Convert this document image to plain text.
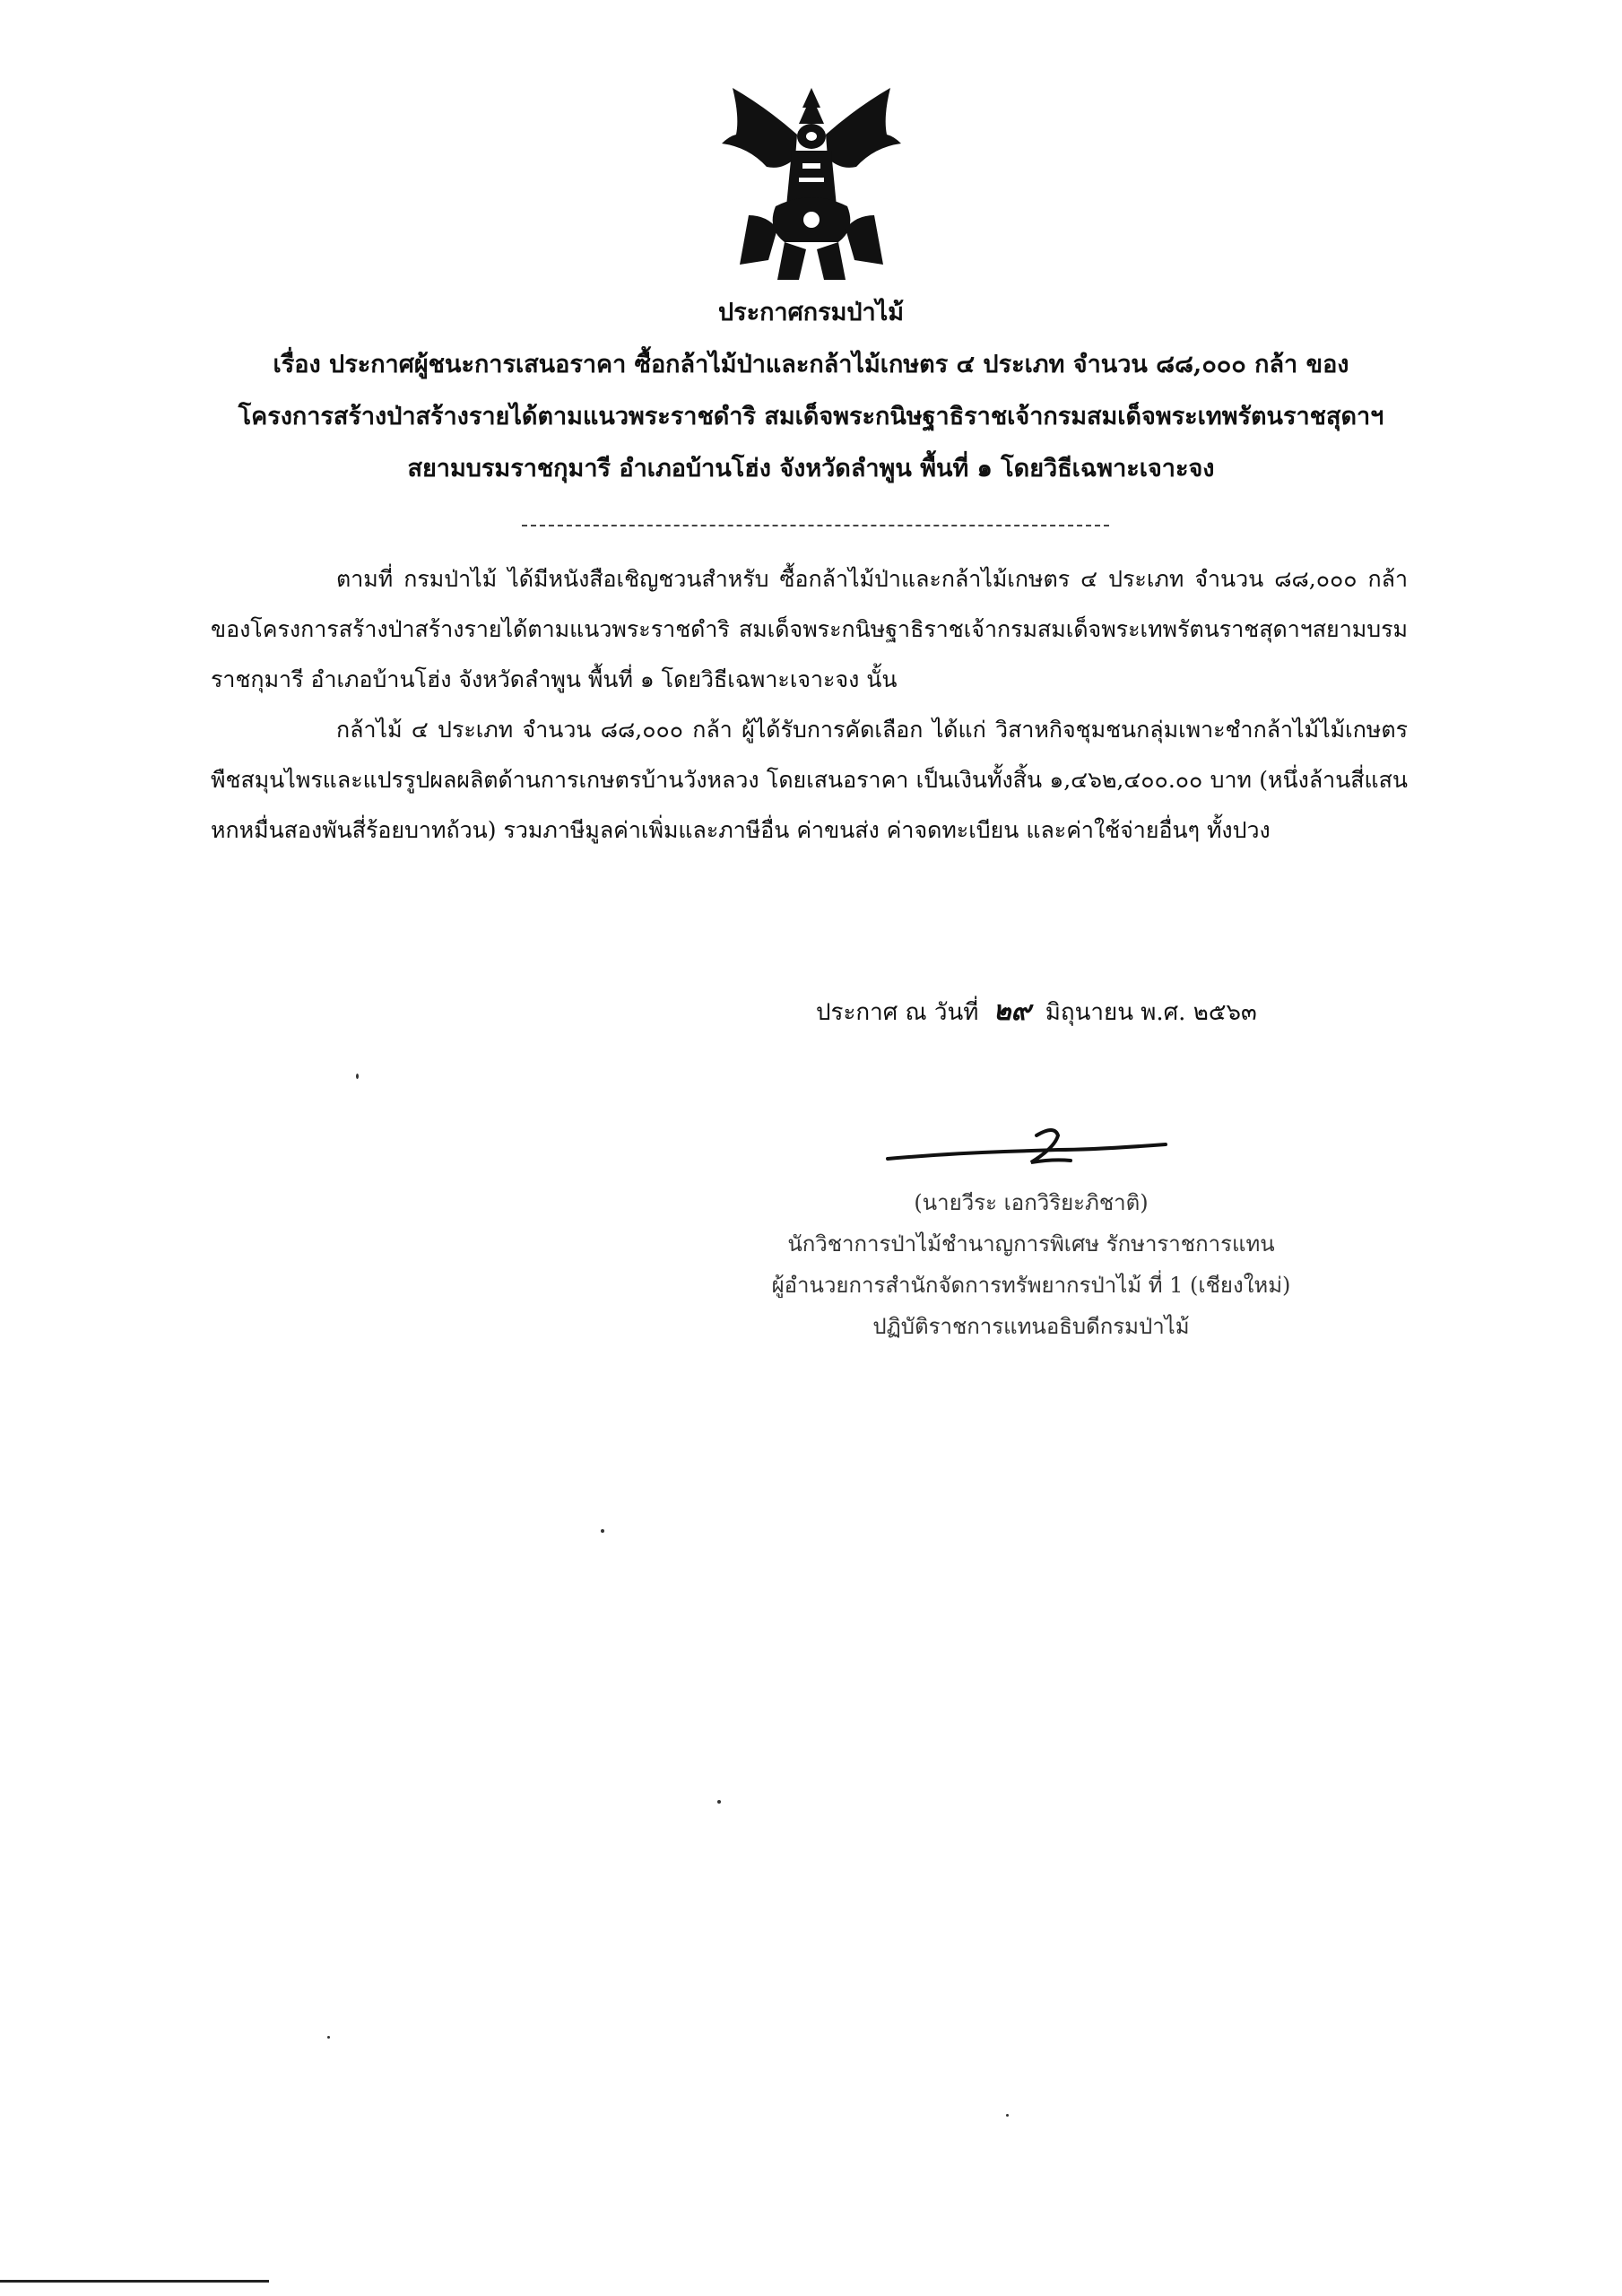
ประกาศกรมป่าไม้
เรื่อง ประกาศผู้ชนะการเสนอราคา ซื้อกล้าไม้ป่าและกล้าไม้เกษตร ๔ ประเภท จำนวน ๘๘,๐๐๐ กล้า ของ
โครงการสร้างป่าสร้างรายได้ตามแนวพระราชดำริ สมเด็จพระกนิษฐาธิราชเจ้ากรมสมเด็จพระเทพรัตนราชสุดาฯ
สยามบรมราชกุมารี อำเภอบ้านโฮ่ง จังหวัดลำพูน พื้นที่ ๑ โดยวิธีเฉพาะเจาะจง
ตามที่ กรมป่าไม้ ได้มีหนังสือเชิญชวนสำหรับ ซื้อกล้าไม้ป่าและกล้าไม้เกษตร ๔ ประเภท จำนวน ๘๘,๐๐๐ กล้า ของโครงการสร้างป่าสร้างรายได้ตามแนวพระราชดำริ สมเด็จพระกนิษฐาธิราชเจ้ากรมสมเด็จพระเทพรัตนราชสุดาฯสยามบรมราชกุมารี อำเภอบ้านโฮ่ง จังหวัดลำพูน พื้นที่ ๑ โดยวิธีเฉพาะเจาะจง นั้น
กล้าไม้ ๔ ประเภท จำนวน ๘๘,๐๐๐ กล้า ผู้ได้รับการคัดเลือก ได้แก่ วิสาหกิจชุมชนกลุ่มเพาะชำกล้าไม้ไม้เกษตรพืชสมุนไพรและแปรรูปผลผลิตด้านการเกษตรบ้านวังหลวง โดยเสนอราคา เป็นเงินทั้งสิ้น ๑,๔๖๒,๔๐๐.๐๐ บาท (หนึ่งล้านสี่แสนหกหมื่นสองพันสี่ร้อยบาทถ้วน) รวมภาษีมูลค่าเพิ่มและภาษีอื่น ค่าขนส่ง ค่าจดทะเบียน และค่าใช้จ่ายอื่นๆ ทั้งปวง
ประกาศ ณ วันที่ ๒๙ มิถุนายน พ.ศ. ๒๕๖๓
(นายวีระ เอกวิริยะภิชาติ)
นักวิชาการป่าไม้ชำนาญการพิเศษ รักษาราชการแทน
ผู้อำนวยการสำนักจัดการทรัพยากรป่าไม้ ที่ 1 (เชียงใหม่)
ปฏิบัติราชการแทนอธิบดีกรมป่าไม้
